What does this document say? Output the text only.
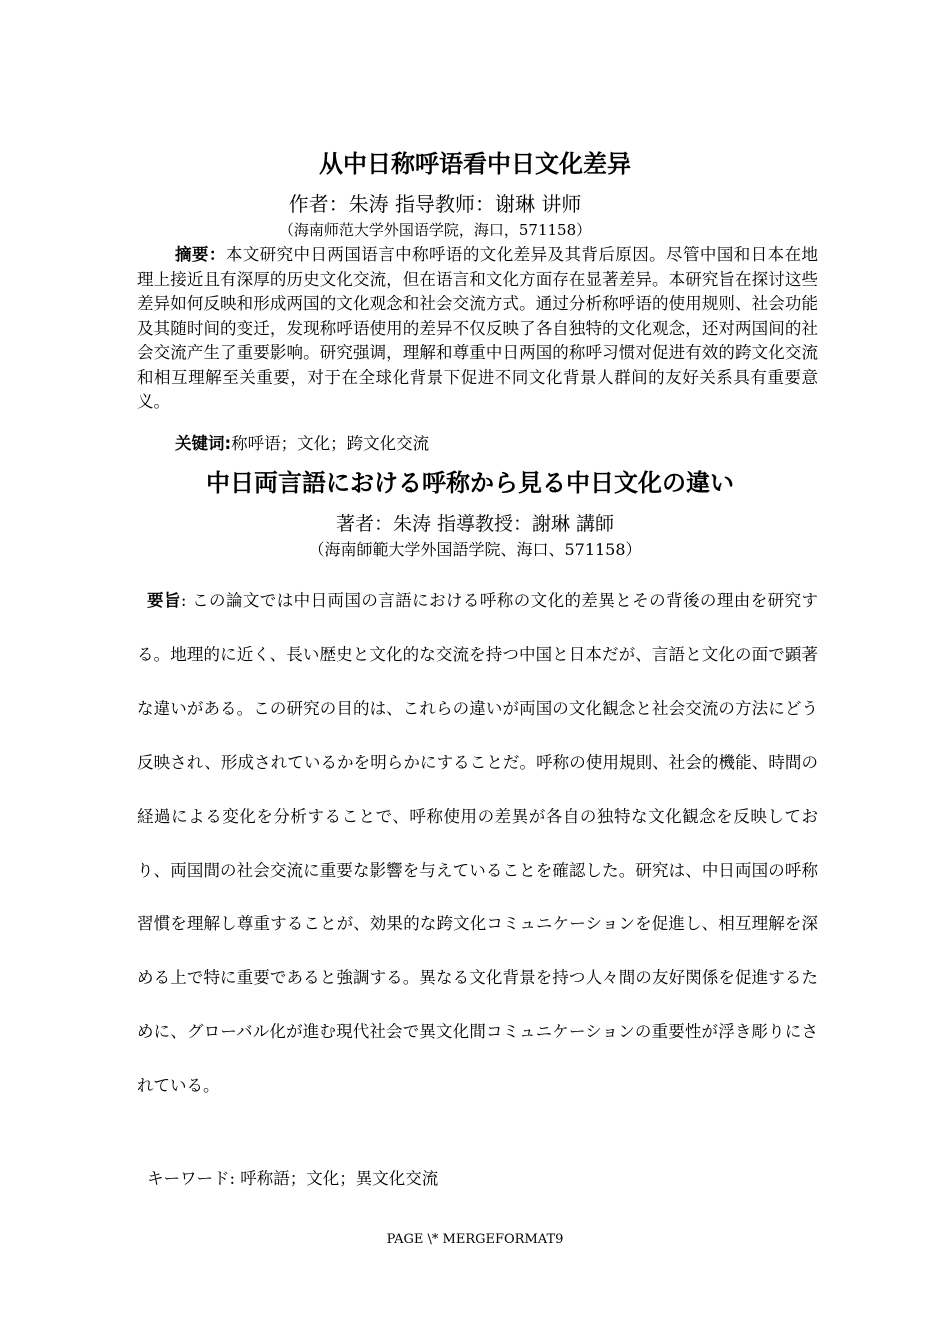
从中日称呼语看中日文化差异
作者：朱涛 指导教师：谢琳 讲师
（海南师范大学外国语学院，海口，571158）

摘要：本文研究中日两国语言中称呼语的文化差异及其背后原因。尽管中国和日本在地理上接近且有深厚的历史文化交流，但在语言和文化方面存在显著差异。本研究旨在探讨这些差异如何反映和形成两国的文化观念和社会交流方式。通过分析称呼语的使用规则、社会功能及其随时间的变迁，发现称呼语使用的差异不仅反映了各自独特的文化观念，还对两国间的社会交流产生了重要影响。研究强调，理解和尊重中日两国的称呼习惯对促进有效的跨文化交流和相互理解至关重要，对于在全球化背景下促进不同文化背景人群间的友好关系具有重要意义。

关键词:称呼语；文化；跨文化交流
中日両言語における呼称から見る中日文化の違い
著者：朱涛 指導教授：謝琳 講師
（海南師範大学外国語学院、海口、571158）

要旨: この論文では中日両国の言語における呼称の文化的差異とその背後の理由を研究する。地理的に近く、長い歴史と文化的な交流を持つ中国と日本だが、言語と文化の面で顕著な違いがある。この研究の目的は、これらの違いが両国の文化観念と社会交流の方法にどう反映され、形成されているかを明らかにすることだ。呼称の使用規則、社会的機能、時間の経過による変化を分析することで、呼称使用の差異が各自の独特な文化観念を反映しており、両国間の社会交流に重要な影響を与えていることを確認した。研究は、中日両国の呼称習慣を理解し尊重することが、効果的な跨文化コミュニケーションを促進し、相互理解を深める上で特に重要であると強調する。異なる文化背景を持つ人々間の友好関係を促進するために、グローバル化が進む現代社会で異文化間コミュニケーションの重要性が浮き彫りにされている。

キーワード: 呼称語；文化；異文化交流
PAGE \* MERGEFORMAT9
